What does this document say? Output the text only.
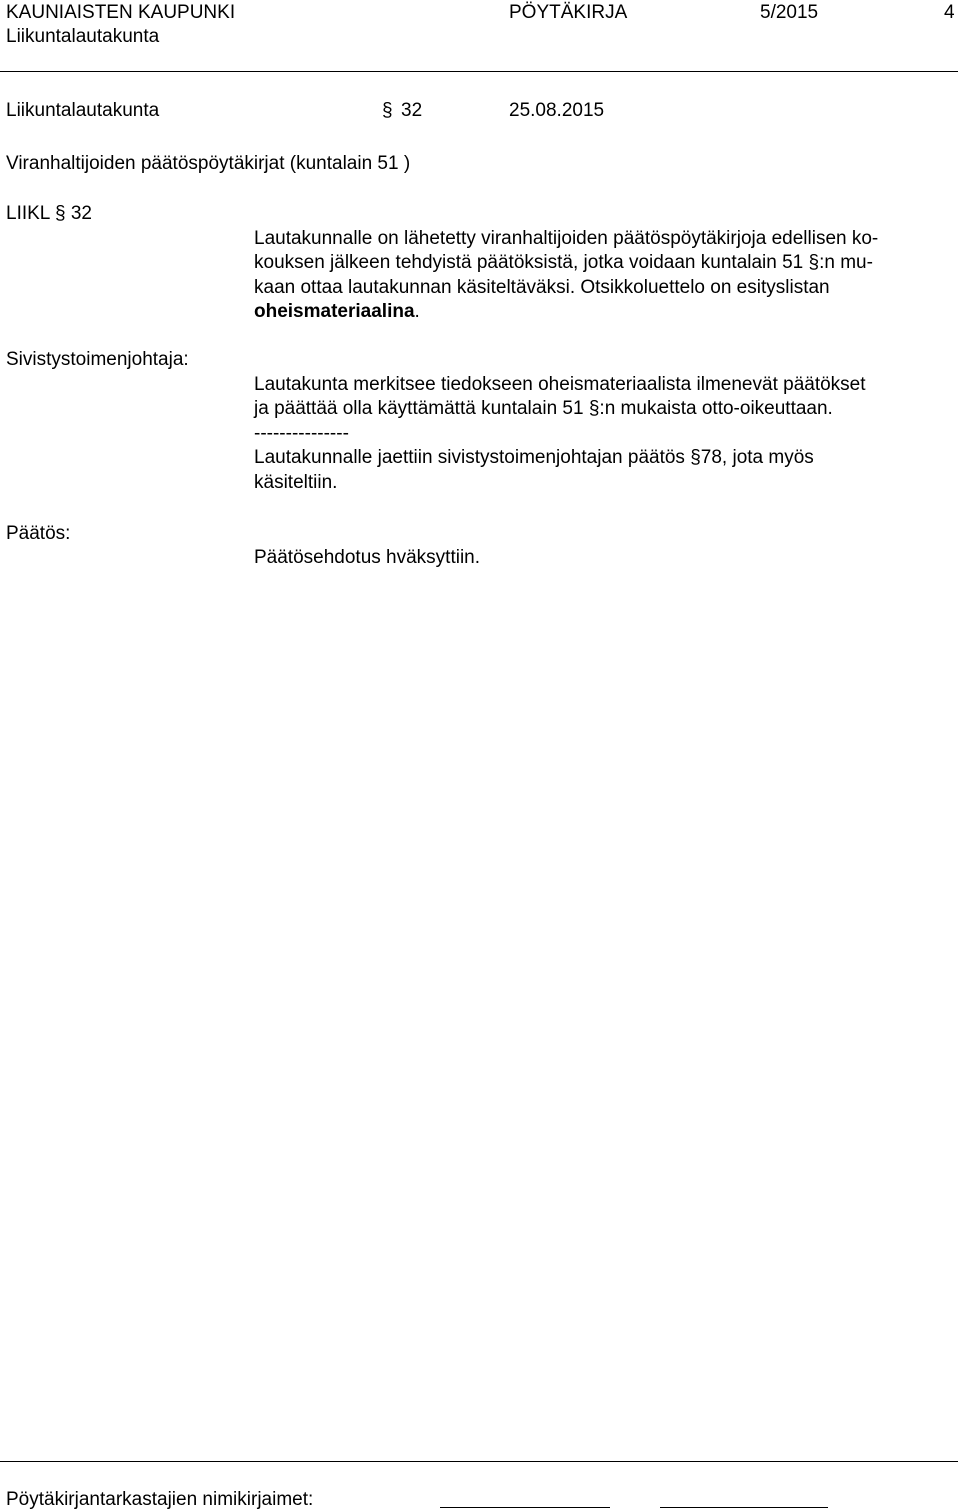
KAUNIAISTEN KAUPUNKI
Liikuntalautakunta
PÖYTÄKIRJA	5/2015	4
Liikuntalautakunta	§ 32	25.08.2015
Viranhaltijoiden päätöspöytäkirjat (kuntalain 51 )
LIIKL § 32
Lautakunnalle on lähetetty viranhaltijoiden päätöspöytäkirjoja edellisen ko-
kouksen jälkeen tehdyistä päätöksistä, jotka voidaan kuntalain 51 §:n mu-
kaan ottaa lautakunnan käsiteltäväksi. Otsikkoluettelo on esityslistan
oheismateriaalina.
Sivistystoimenjohtaja:
Lautakunta merkitsee tiedokseen oheismateriaalista ilmenevät päätökset
ja päättää olla käyttämättä kuntalain 51 §:n mukaista otto-oikeuttaan.
---------------
Lautakunnalle jaettiin sivistystoimenjohtajan päätös §78, jota myös
käsiteltiin.
Päätös:
Päätösehdotus hväksyttiin.
Pöytäkirjantarkastajien nimikirjaimet:
